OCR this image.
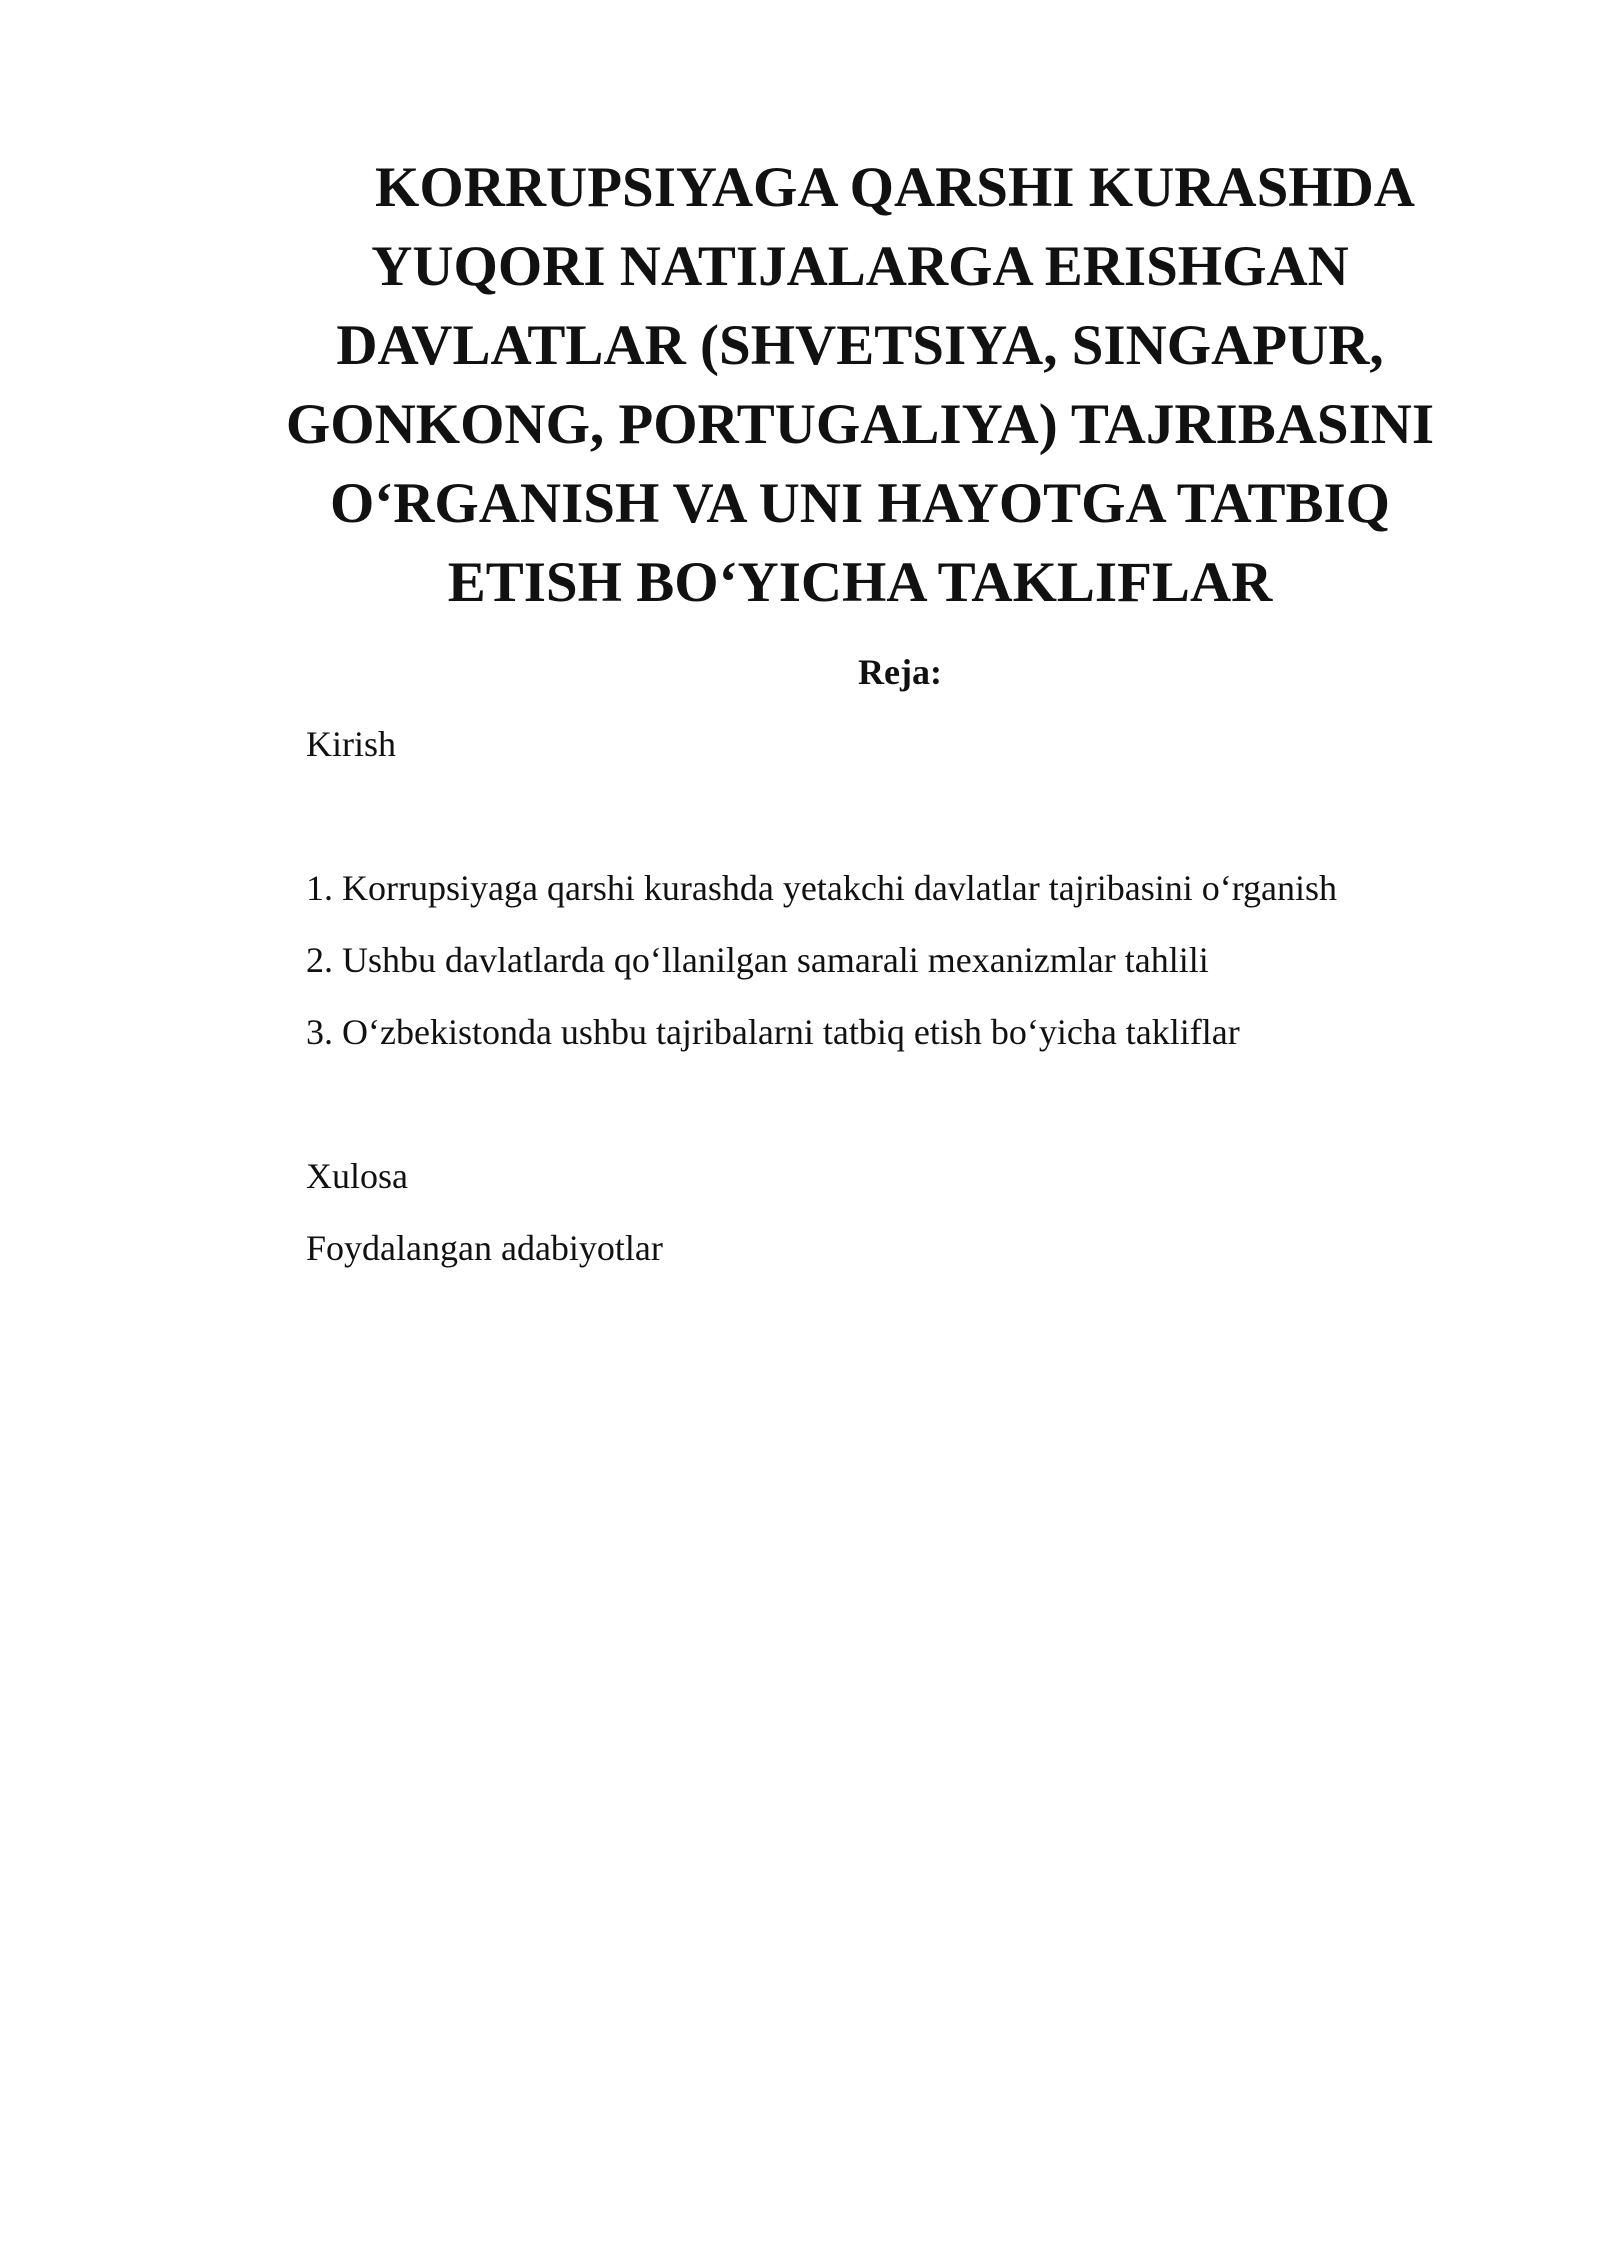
KORRUPSIYAGA QARSHI KURASHDA
YUQORI NATIJALARGA ERISHGAN
DAVLATLAR (SHVETSIYA, SINGAPUR,
GONKONG, PORTUGALIYA) TAJRIBASINI
O‘RGANISH VA UNI HAYOTGA TATBIQ
ETISH BO‘YICHA TAKLIFLAR

Reja:

Kirish

1. Korrupsiyaga qarshi kurashda yetakchi davlatlar tajribasini o‘rganish

2. Ushbu davlatlarda qo‘llanilgan samarali mexanizmlar tahlili

3. O‘zbekistonda ushbu tajribalarni tatbiq etish bo‘yicha takliflar

Xulosa

Foydalangan adabiyotlar
